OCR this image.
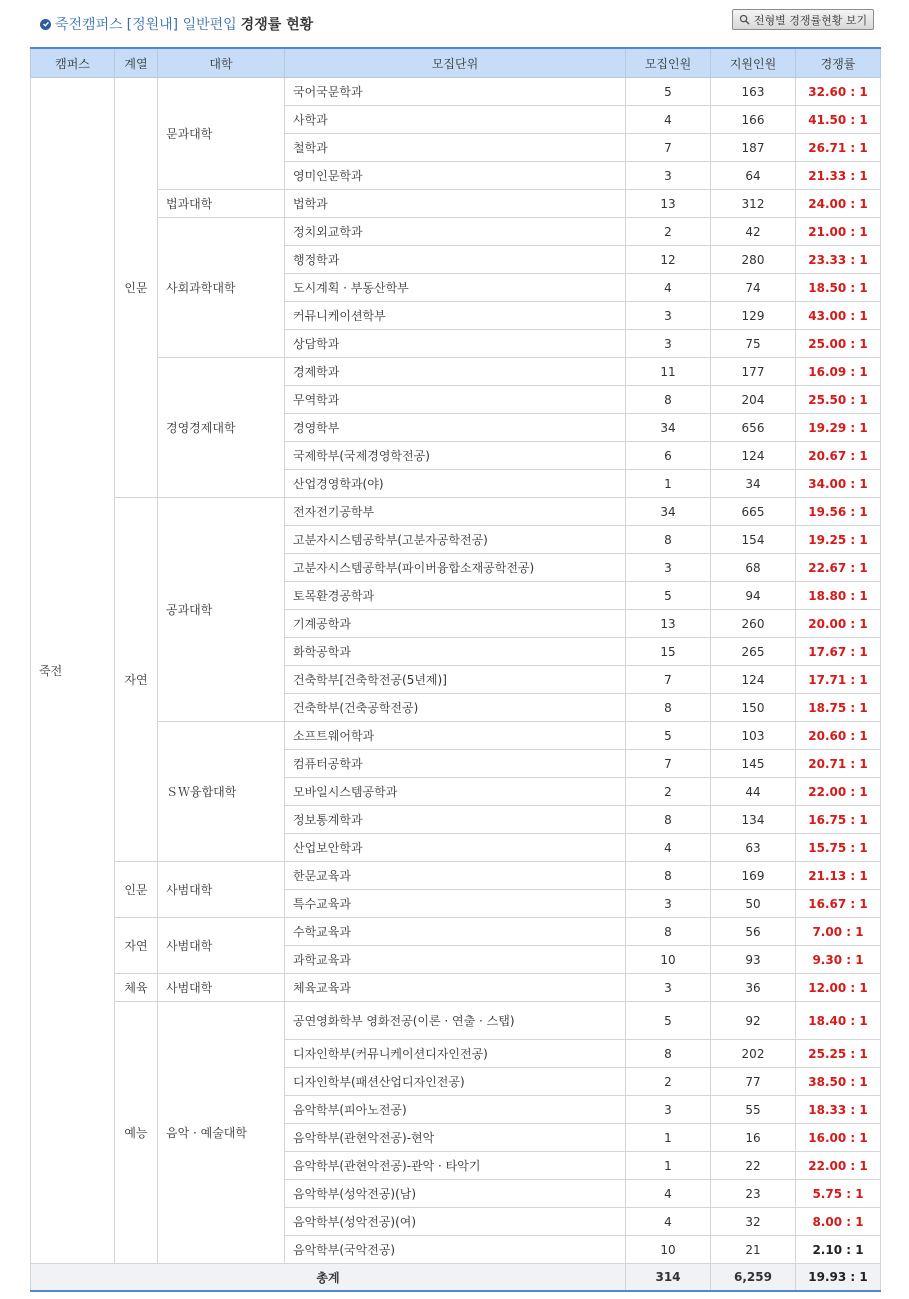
죽전캠퍼스 [정원내] 일반편입 경쟁률 현황	전형별 경쟁률현황 보기
캠퍼스	계열	대학	모집단위	모집인원	지원인원	경쟁률
죽전	인문	문과대학	국어국문학과	5	163	32.60 : 1
			사학과	4	166	41.50 : 1
			철학과	7	187	26.71 : 1
			영미인문학과	3	64	21.33 : 1
		법과대학	법학과	13	312	24.00 : 1
		사회과학대학	정치외교학과	2	42	21.00 : 1
			행정학과	12	280	23.33 : 1
			도시계획 · 부동산학부	4	74	18.50 : 1
			커뮤니케이션학부	3	129	43.00 : 1
			상담학과	3	75	25.00 : 1
		경영경제대학	경제학과	11	177	16.09 : 1
			무역학과	8	204	25.50 : 1
			경영학부	34	656	19.29 : 1
			국제학부(국제경영학전공)	6	124	20.67 : 1
			산업경영학과(야)	1	34	34.00 : 1
	자연	공과대학	전자전기공학부	34	665	19.56 : 1
			고분자시스템공학부(고분자공학전공)	8	154	19.25 : 1
			고분자시스템공학부(파이버융합소재공학전공)	3	68	22.67 : 1
			토목환경공학과	5	94	18.80 : 1
			기계공학과	13	260	20.00 : 1
			화학공학과	15	265	17.67 : 1
			건축학부[건축학전공(5년제)]	7	124	17.71 : 1
			건축학부(건축공학전공)	8	150	18.75 : 1
		ＳＷ융합대학	소프트웨어학과	5	103	20.60 : 1
			컴퓨터공학과	7	145	20.71 : 1
			모바일시스템공학과	2	44	22.00 : 1
			정보통계학과	8	134	16.75 : 1
			산업보안학과	4	63	15.75 : 1
	인문	사범대학	한문교육과	8	169	21.13 : 1
			특수교육과	3	50	16.67 : 1
	자연	사범대학	수학교육과	8	56	7.00 : 1
			과학교육과	10	93	9.30 : 1
	체육	사범대학	체육교육과	3	36	12.00 : 1
	예능	음악 · 예술대학	공연영화학부 영화전공(이론 · 연출 · 스탭)	5	92	18.40 : 1
			디자인학부(커뮤니케이션디자인전공)	8	202	25.25 : 1
			디자인학부(패션산업디자인전공)	2	77	38.50 : 1
			음악학부(피아노전공)	3	55	18.33 : 1
			음악학부(관현악전공)-현악	1	16	16.00 : 1
			음악학부(관현악전공)-관악 · 타악기	1	22	22.00 : 1
			음악학부(성악전공)(남)	4	23	5.75 : 1
			음악학부(성악전공)(여)	4	32	8.00 : 1
			음악학부(국악전공)	10	21	2.10 : 1
총계				314	6,259	19.93 : 1
